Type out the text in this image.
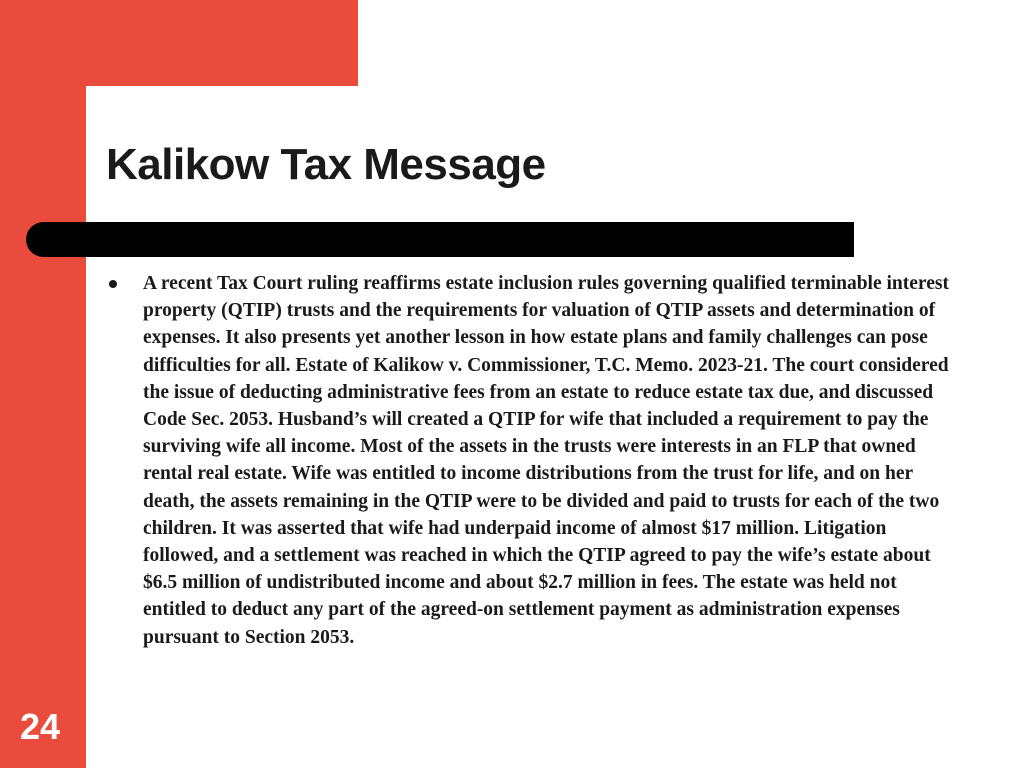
Kalikow Tax Message

A recent Tax Court ruling reaffirms estate inclusion rules governing qualified terminable interest property (QTIP) trusts and the requirements for valuation of QTIP assets and determination of expenses. It also presents yet another lesson in how estate plans and family challenges can pose difficulties for all. Estate of Kalikow v. Commissioner, T.C. Memo. 2023-21. The court considered the issue of deducting administrative fees from an estate to reduce estate tax due, and discussed Code Sec. 2053. Husband’s will created a QTIP for wife that included a requirement to pay the surviving wife all income. Most of the assets in the trusts were interests in an FLP that owned rental real estate. Wife was entitled to income distributions from the trust for life, and on her death, the assets remaining in the QTIP were to be divided and paid to trusts for each of the two children. It was asserted that wife had underpaid income of almost $17 million. Litigation followed, and a settlement was reached in which the QTIP agreed to pay the wife’s estate about $6.5 million of undistributed income and about $2.7 million in fees. The estate was held not entitled to deduct any part of the agreed-on settlement payment as administration expenses pursuant to Section 2053.

24
